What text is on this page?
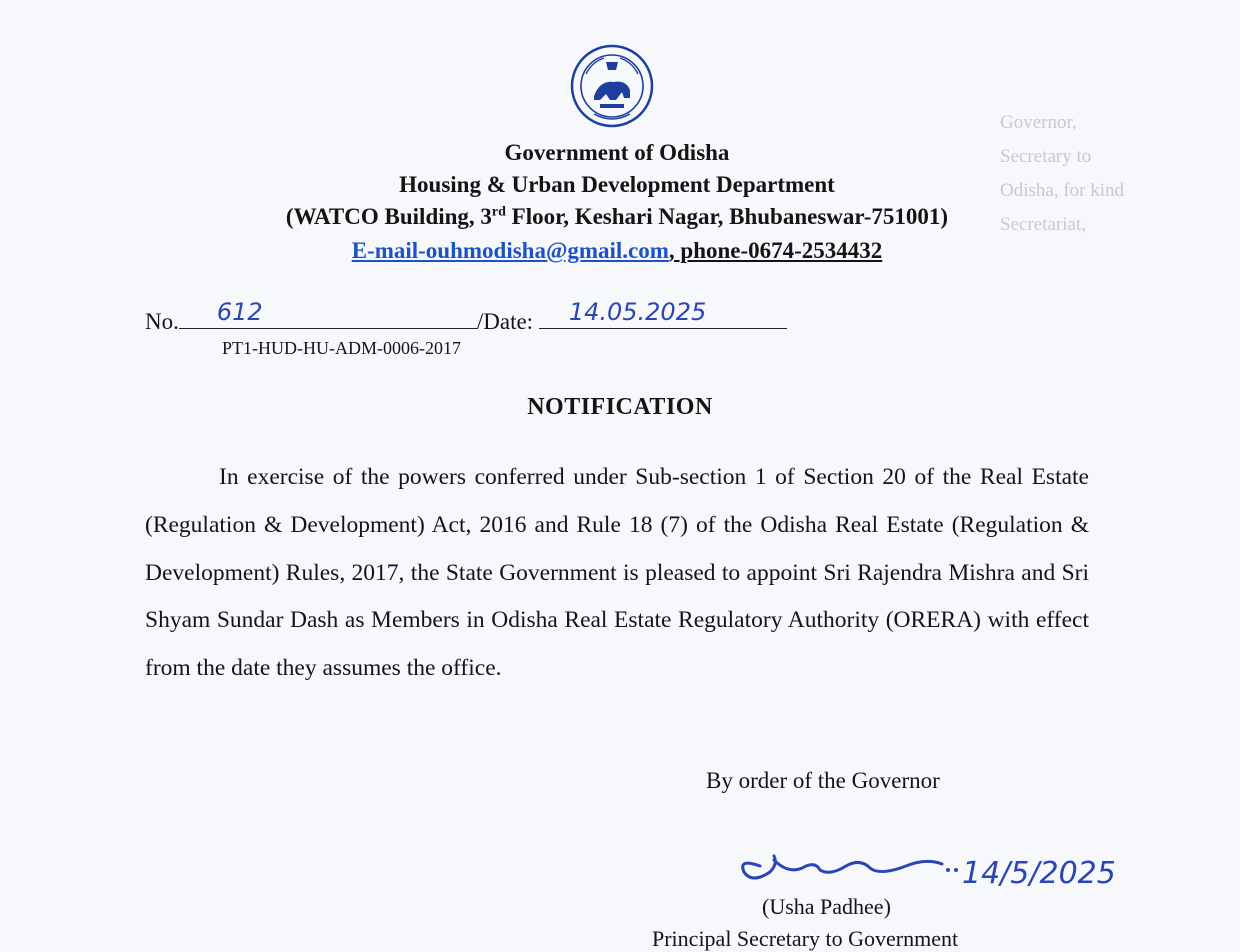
Governor,
Secretary to
Odisha, for kind
Secretariat,

Government of Odisha
Housing & Urban Development Department
(WATCO Building, 3rd Floor, Keshari Nagar, Bhubaneswar-751001)
E-mail-ouhmodisha@gmail.com, phone-0674-2534432
No. 612	/Date: 14.05.2025
PT1-HUD-HU-ADM-0006-2017
NOTIFICATION
In exercise of the powers conferred under Sub-section 1 of Section 20 of the Real Estate (Regulation & Development) Act, 2016 and Rule 18 (7) of the Odisha Real Estate (Regulation & Development) Rules, 2017, the State Government is pleased to appoint Sri Rajendra Mishra and Sri Shyam Sundar Dash as Members in Odisha Real Estate Regulatory Authority (ORERA) with effect from the date they assumes the office.
By order of the Governor
14/5/2025
(Usha Padhee)
Principal Secretary to Government
